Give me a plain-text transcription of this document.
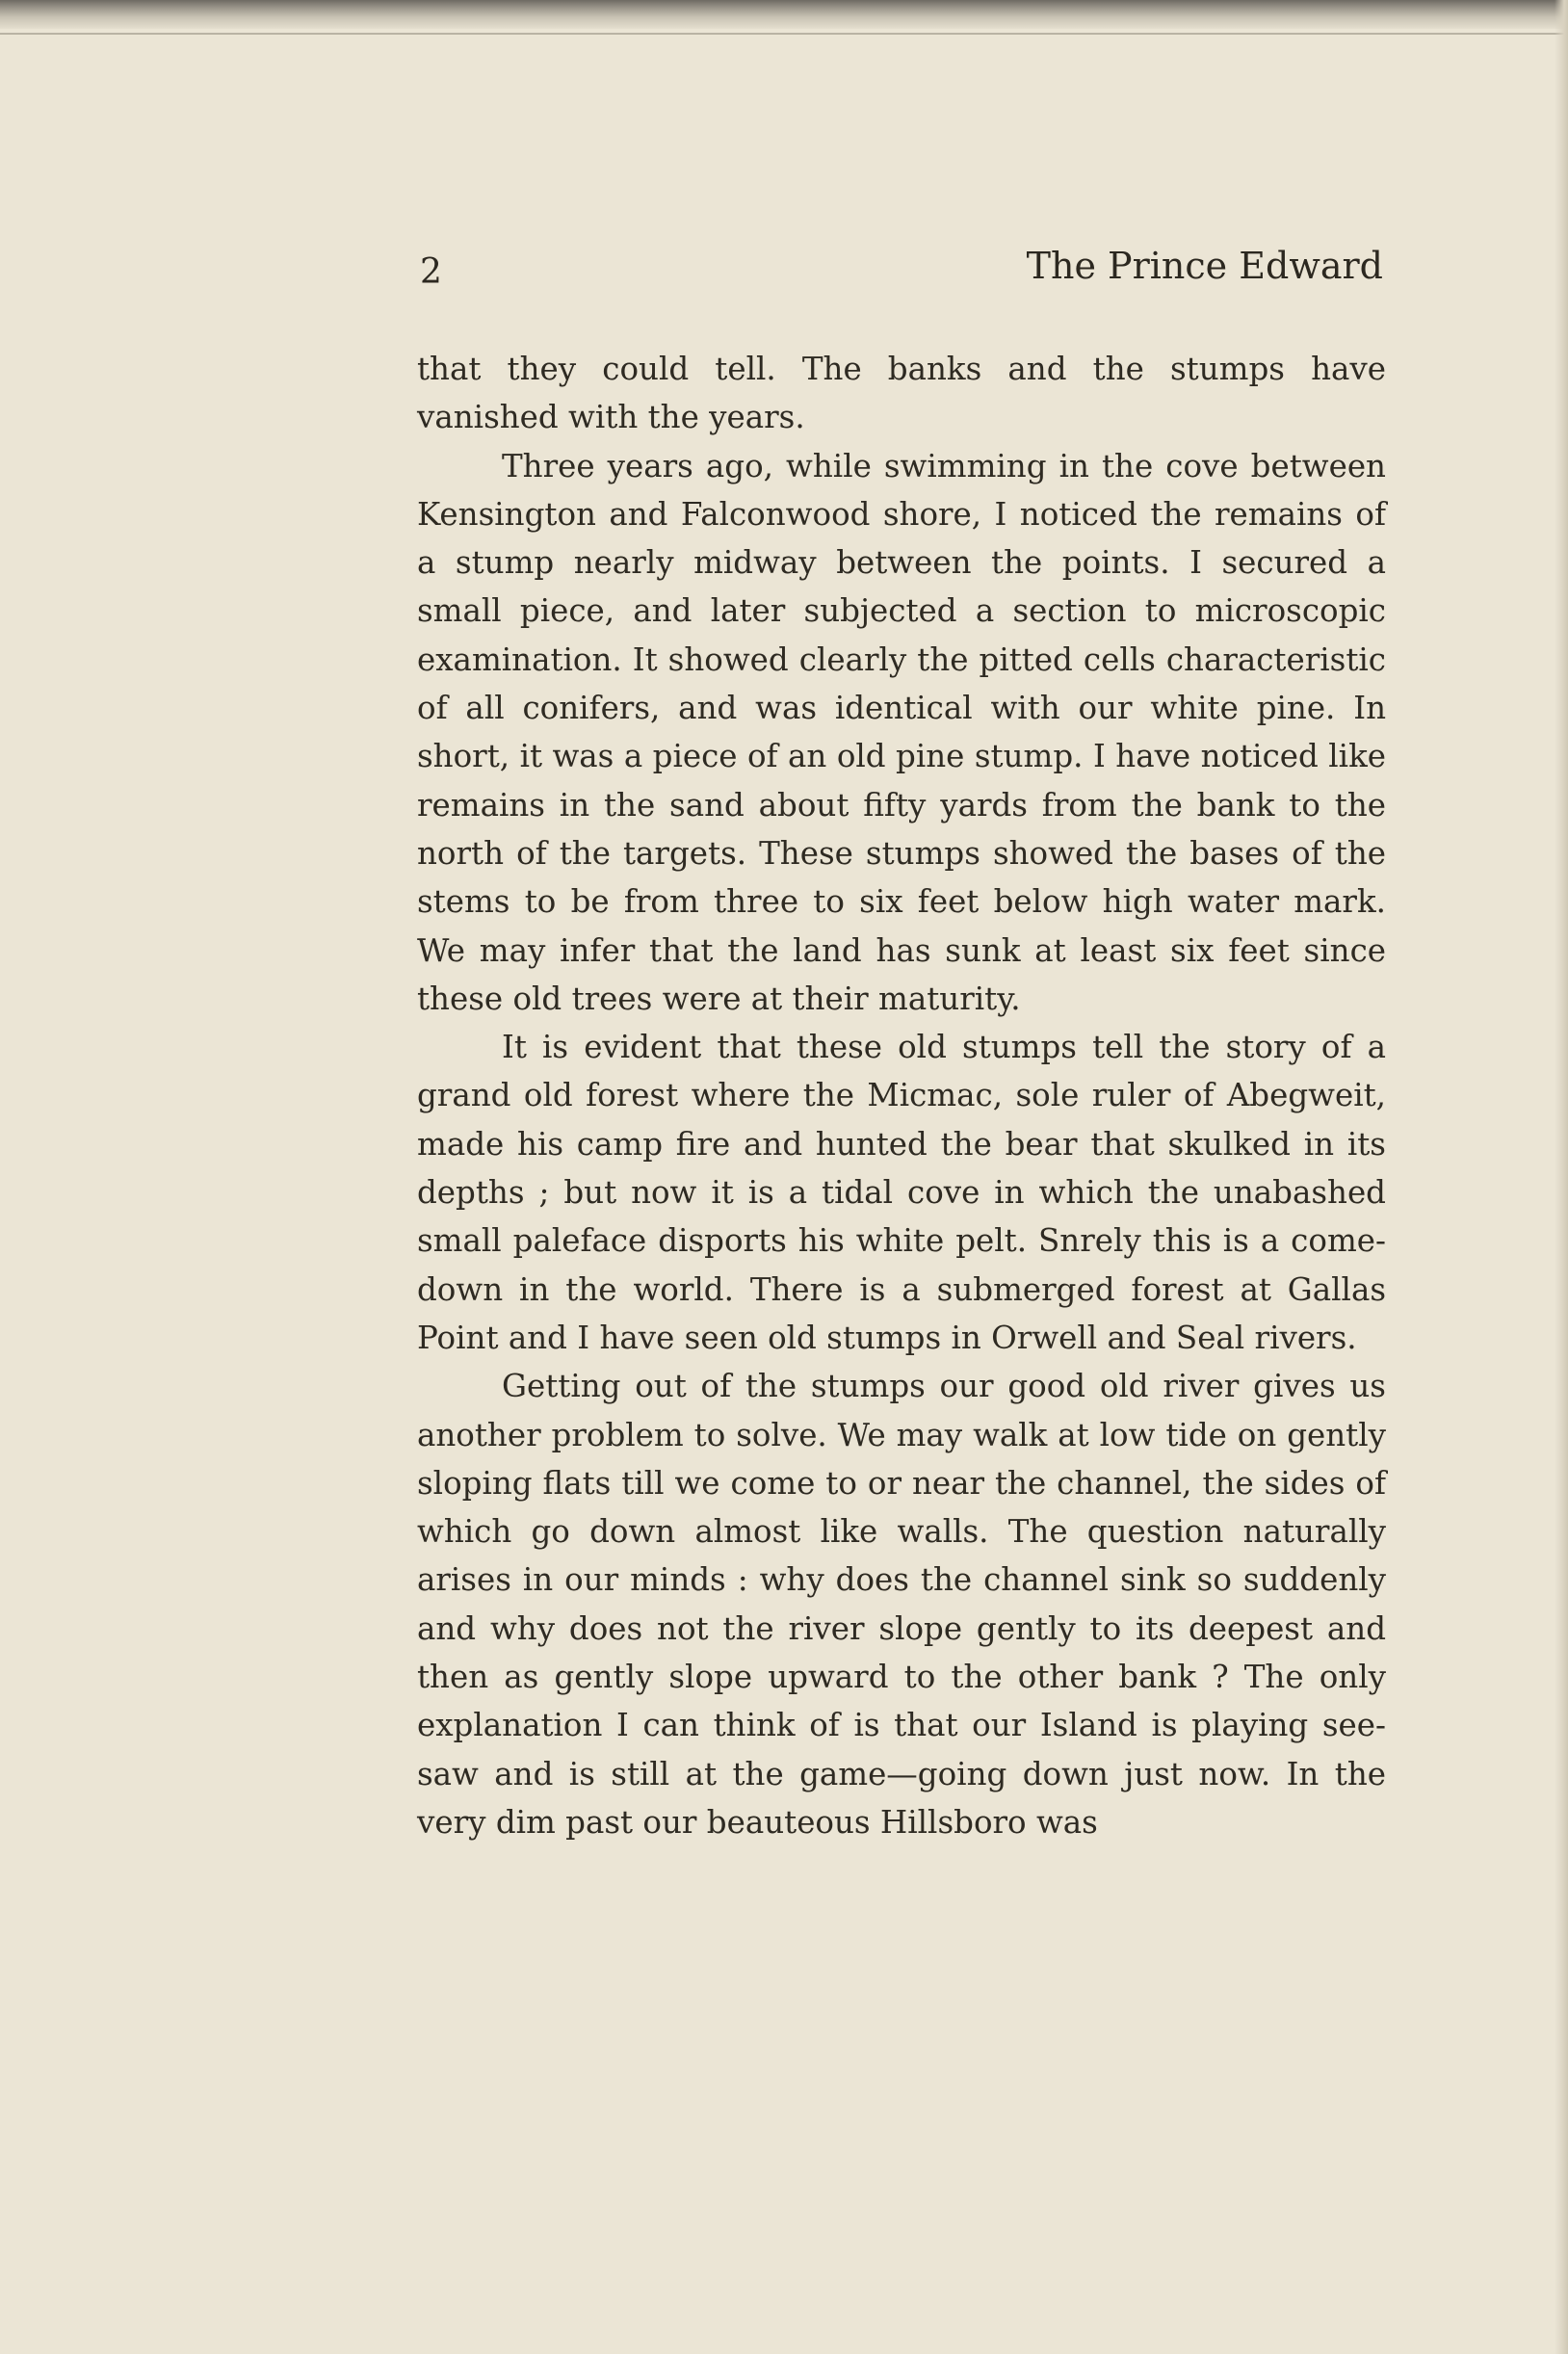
2	The Prince Edward

that they could tell. The banks and the stumps have vanished with the years.

Three years ago, while swimming in the cove between Kensington and Falconwood shore, I noticed the remains of a stump nearly midway between the points. I secured a small piece, and later subjected a section to microscopic examination. It showed clearly the pitted cells characteristic of all conifers, and was identical with our white pine. In short, it was a piece of an old pine stump. I have noticed like remains in the sand about fifty yards from the bank to the north of the targets. These stumps showed the bases of the stems to be from three to six feet below high water mark. We may infer that the land has sunk at least six feet since these old trees were at their maturity.

It is evident that these old stumps tell the story of a grand old forest where the Micmac, sole ruler of Abegweit, made his camp fire and hunted the bear that skulked in its depths ; but now it is a tidal cove in which the unabashed small paleface disports his white pelt. Snrely this is a come-down in the world. There is a submerged forest at Gallas Point and I have seen old stumps in Orwell and Seal rivers.

Getting out of the stumps our good old river gives us another problem to solve. We may walk at low tide on gently sloping flats till we come to or near the channel, the sides of which go down almost like walls. The question naturally arises in our minds : why does the channel sink so suddenly and why does not the river slope gently to its deepest and then as gently slope upward to the other bank ? The only explanation I can think of is that our Island is playing see-saw and is still at the game—going down just now. In the very dim past our beauteous Hillsboro was
